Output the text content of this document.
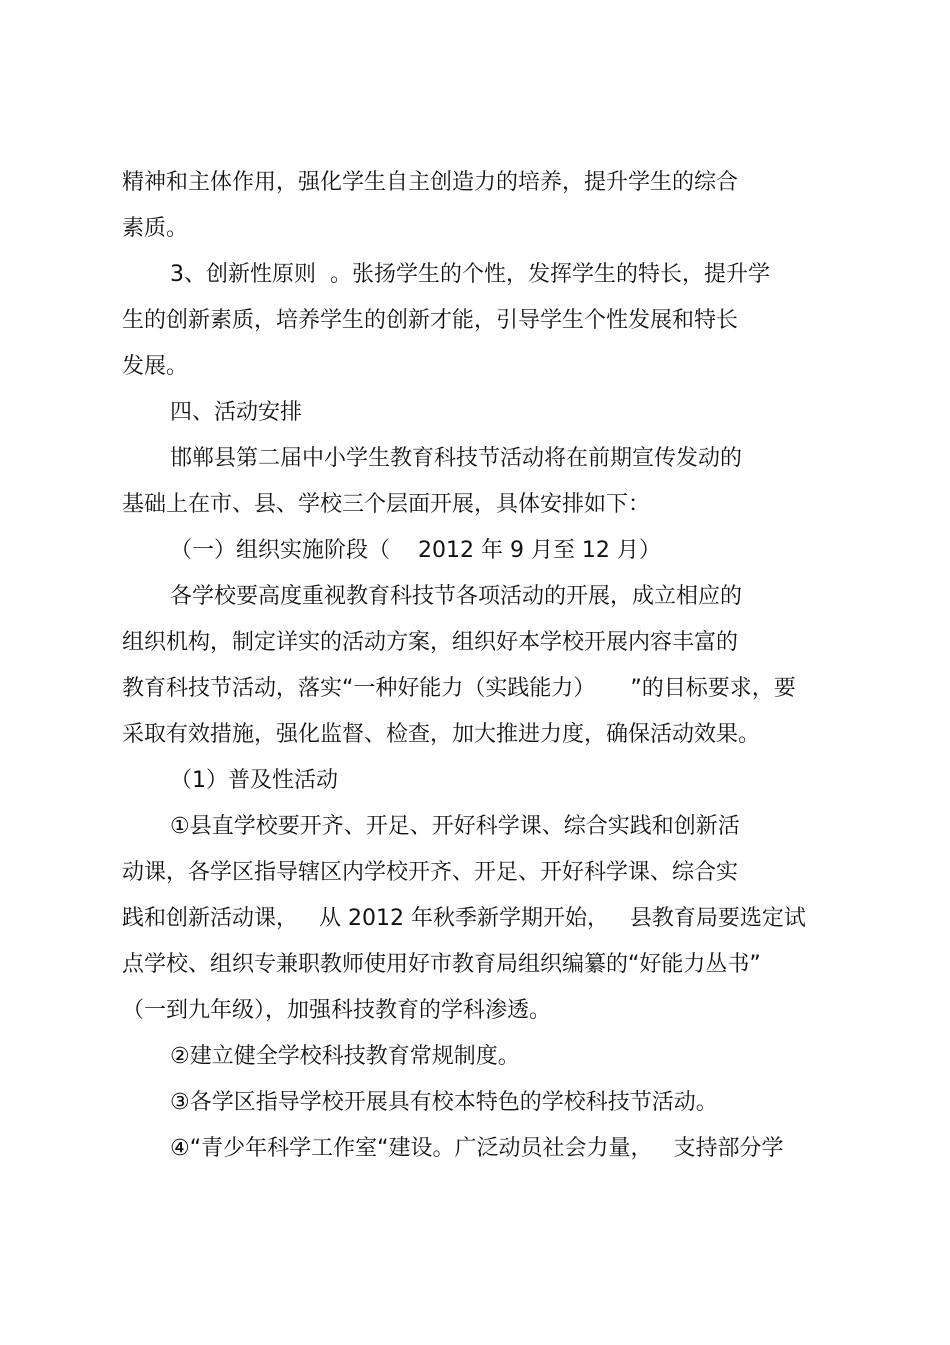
精神和主体作用，强化学生自主创造力的培养，提升学生的综合
素质。
3、创新性原则  。张扬学生的个性，发挥学生的特长，提升学
生的创新素质，培养学生的创新才能，引导学生个性发展和特长
发展。
四、活动安排
邯郸县第二届中小学生教育科技节活动将在前期宣传发动的
基础上在市、县、学校三个层面开展，具体安排如下：
（一）组织实施阶段（    2012 年 9 月至 12 月）
各学校要高度重视教育科技节各项活动的开展，成立相应的
组织机构，制定详实的活动方案，组织好本学校开展内容丰富的
教育科技节活动，落实“一种好能力（实践能力）     ”的目标要求，要
采取有效措施，强化监督、检查，加大推进力度，确保活动效果。
（1）普及性活动
①县直学校要开齐、开足、开好科学课、综合实践和创新活
动课，各学区指导辖区内学校开齐、开足、开好科学课、综合实
践和创新活动课，   从 2012 年秋季新学期开始，   县教育局要选定试
点学校、组织专兼职教师使用好市教育局组织编纂的“好能力丛书”
（一到九年级），加强科技教育的学科渗透。
②建立健全学校科技教育常规制度。
③各学区指导学校开展具有校本特色的学校科技节活动。
④“青少年科学工作室“建设。广泛动员社会力量，   支持部分学
